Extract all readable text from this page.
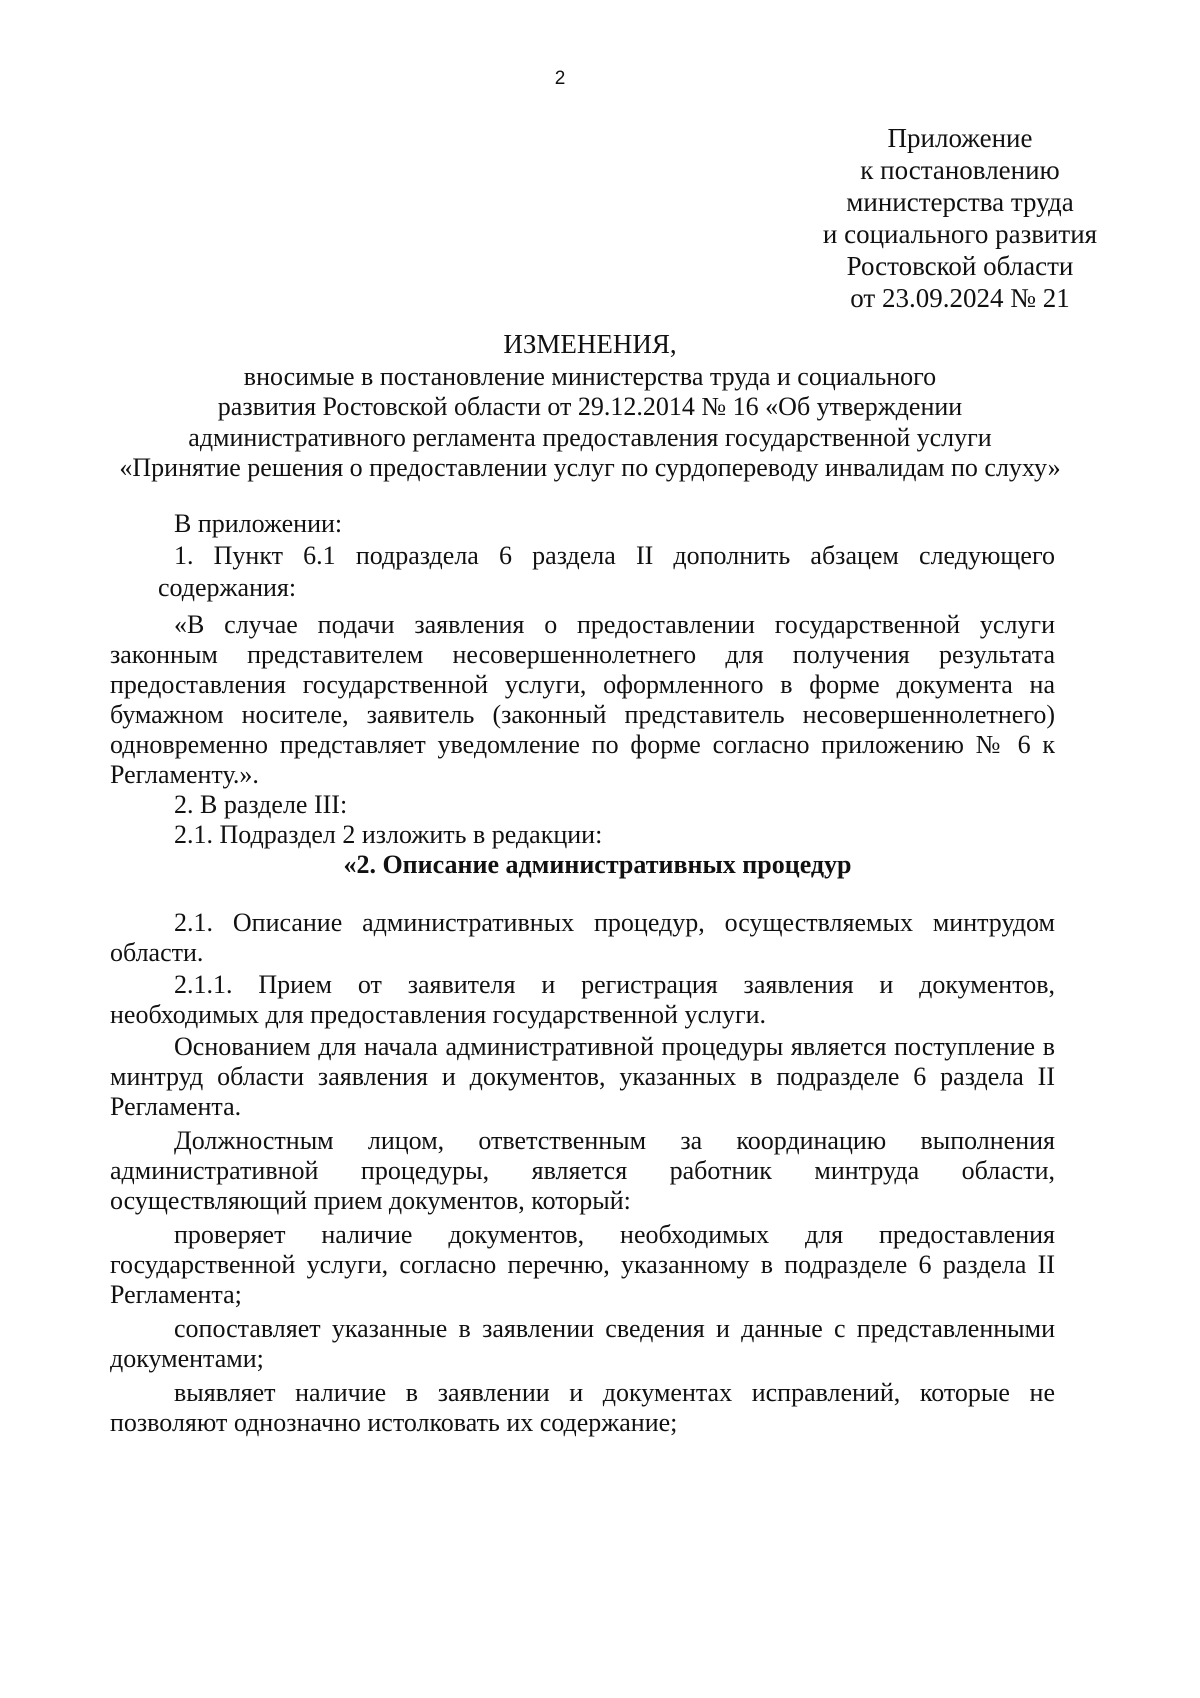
2
Приложение
к постановлению
министерства труда
и социального развития
Ростовской области
от 23.09.2024 № 21
ИЗМЕНЕНИЯ,
вносимые в постановление министерства труда и социального
развития Ростовской области от 29.12.2014 № 16 «Об утверждении
административного регламента предоставления государственной услуги
«Принятие решения о предоставлении услуг по сурдопереводу инвалидам по слуху»

В приложении:

1. Пункт 6.1 подраздела 6 раздела II дополнить абзацем следующего

содержания:

«В случае подачи заявления о предоставлении государственной услуги законным представителем несовершеннолетнего для получения результата предоставления государственной услуги, оформленного в форме документа на бумажном носителе, заявитель (законный представитель несовершеннолетнего) одновременно представляет уведомление по форме согласно приложению № 6 к Регламенту.».

2. В разделе III:

2.1. Подраздел 2 изложить в редакции:

«2. Описание административных процедур

2.1. Описание административных процедур, осуществляемых минтрудом области.

2.1.1. Прием от заявителя и регистрация заявления и документов, необходимых для предоставления государственной услуги.

Основанием для начала административной процедуры является поступление в минтруд области заявления и документов, указанных в подразделе 6 раздела II Регламента.

Должностным лицом, ответственным за координацию выполнения административной процедуры, является работник минтруда области, осуществляющий прием документов, который:

проверяет наличие документов, необходимых для предоставления государственной услуги, согласно перечню, указанному в подразделе 6 раздела II Регламента;

сопоставляет указанные в заявлении сведения и данные с представленными документами;

выявляет наличие в заявлении и документах исправлений, которые не позволяют однозначно истолковать их содержание;
